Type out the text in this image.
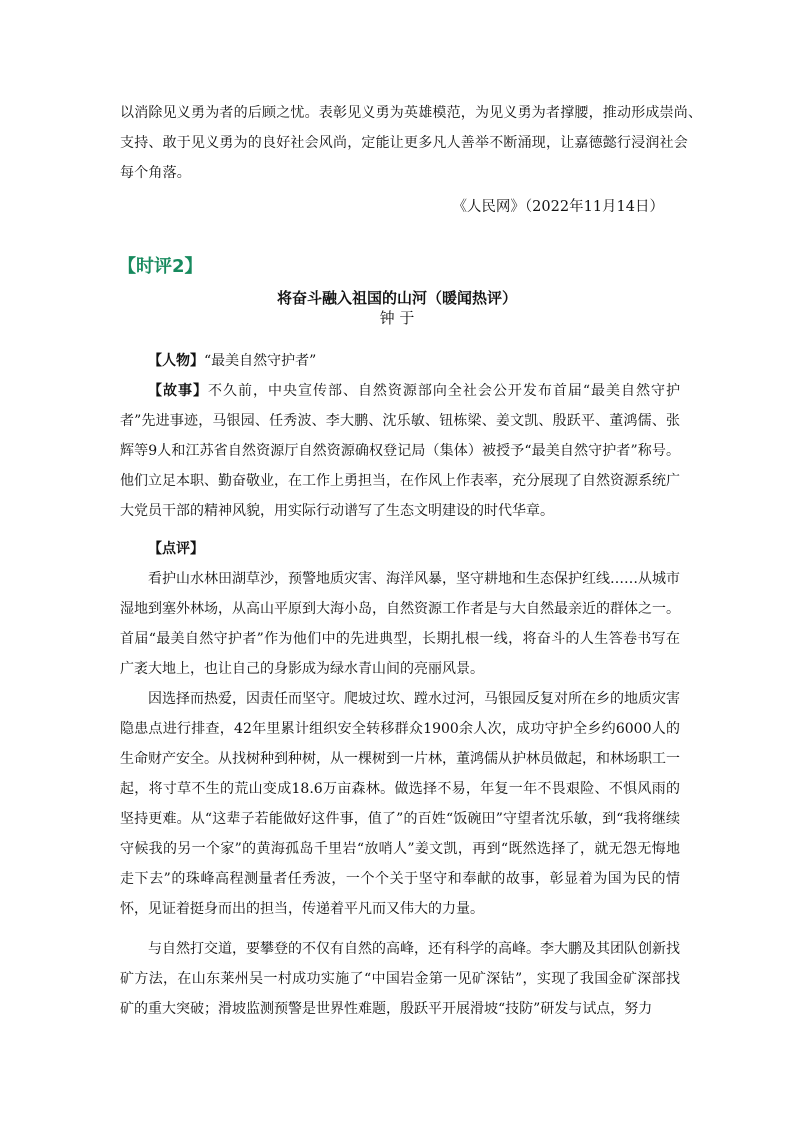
以消除见义勇为者的后顾之忧。表彰见义勇为英雄模范，为见义勇为者撑腰，推动形成崇尚、
支持、敢于见义勇为的良好社会风尚，定能让更多凡人善举不断涌现，让嘉德懿行浸润社会
每个角落。
《人民网》（2022年11月14日）
【时评2】
将奋斗融入祖国的山河（暖闻热评）
钟 于
【人物】“最美自然守护者”
【故事】不久前，中央宣传部、自然资源部向全社会公开发布首届“最美自然守护者”先进事迹，马银园、任秀波、李大鹏、沈乐敏、钮栋梁、姜文凯、殷跃平、董鸿儒、张辉等9人和江苏省自然资源厅自然资源确权登记局（集体）被授予“最美自然守护者”称号。他们立足本职、勤奋敬业，在工作上勇担当，在作风上作表率，充分展现了自然资源系统广大党员干部的精神风貌，用实际行动谱写了生态文明建设的时代华章。
【点评】
看护山水林田湖草沙，预警地质灾害、海洋风暴，坚守耕地和生态保护红线……从城市湿地到塞外林场，从高山平原到大海小岛，自然资源工作者是与大自然最亲近的群体之一。首届“最美自然守护者”作为他们中的先进典型，长期扎根一线，将奋斗的人生答卷书写在广袤大地上，也让自己的身影成为绿水青山间的亮丽风景。
因选择而热爱，因责任而坚守。爬坡过坎、蹚水过河，马银园反复对所在乡的地质灾害隐患点进行排查，42年里累计组织安全转移群众1900余人次，成功守护全乡约6000人的生命财产安全。从找树种到种树，从一棵树到一片林，董鸿儒从护林员做起，和林场职工一起，将寸草不生的荒山变成18.6万亩森林。做选择不易，年复一年不畏艰险、不惧风雨的坚持更难。从“这辈子若能做好这件事，值了”的百姓“饭碗田”守望者沈乐敏，到“我将继续守候我的另一个家”的黄海孤岛千里岩“放哨人”姜文凯，再到“既然选择了，就无怨无悔地走下去”的珠峰高程测量者任秀波，一个个关于坚守和奉献的故事，彰显着为国为民的情怀，见证着挺身而出的担当，传递着平凡而又伟大的力量。
与自然打交道，要攀登的不仅有自然的高峰，还有科学的高峰。李大鹏及其团队创新找矿方法，在山东莱州吴一村成功实施了“中国岩金第一见矿深钻”，实现了我国金矿深部找矿的重大突破；滑坡监测预警是世界性难题，殷跃平开展滑坡“技防”研发与试点，努力
